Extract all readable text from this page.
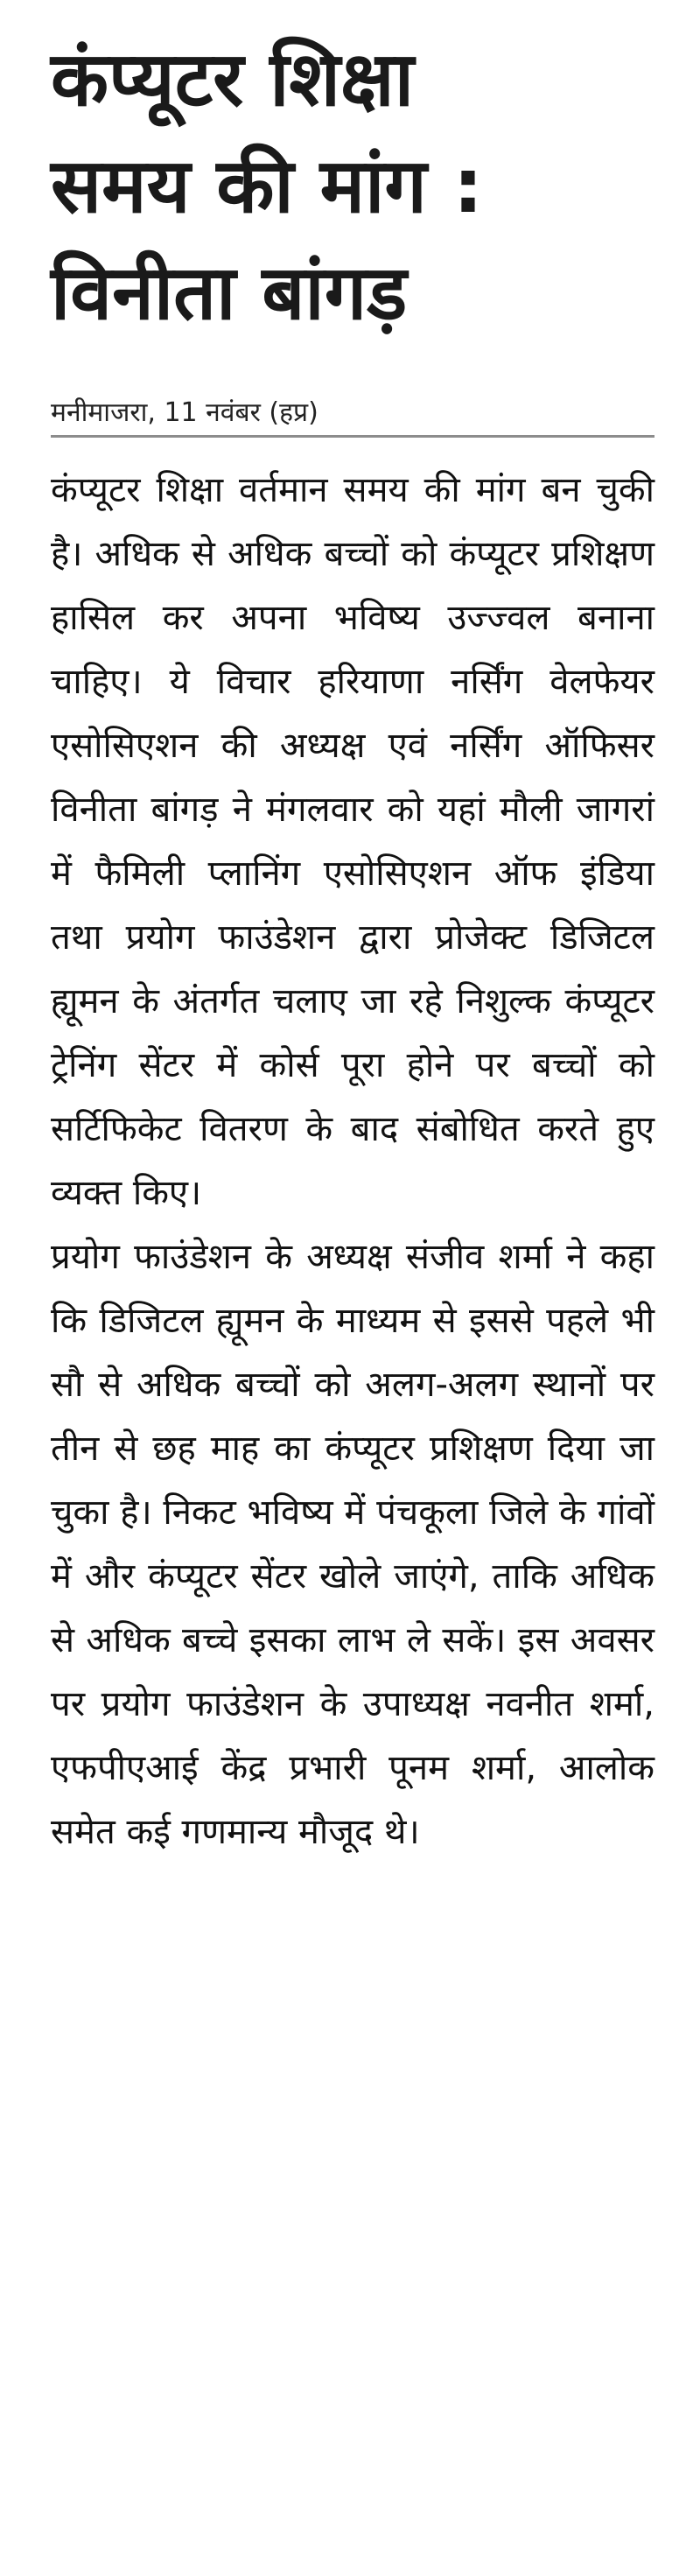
कंप्यूटर शिक्षा
समय की मांग :
विनीता बांगड़
मनीमाजरा, 11 नवंबर (हप्र)

कंप्यूटर शिक्षा वर्तमान समय की मांग बन चुकी है। अधिक से अधिक बच्चों को कंप्यूटर प्रशिक्षण हासिल कर अपना भविष्य उज्ज्वल बनाना चाहिए। ये विचार हरियाणा नर्सिंग वेलफेयर एसोसिएशन की अध्यक्ष एवं नर्सिंग ऑफिसर विनीता बांगड़ ने मंगलवार को यहां मौली जागरां में फैमिली प्लानिंग एसोसिएशन ऑफ इंडिया तथा प्रयोग फाउंडेशन द्वारा प्रोजेक्ट डिजिटल ह्यूमन के अंतर्गत चलाए जा रहे निशुल्क कंप्यूटर ट्रेनिंग सेंटर में कोर्स पूरा होने पर बच्चों को सर्टिफिकेट वितरण के बाद संबोधित करते हुए व्यक्त किए।

प्रयोग फाउंडेशन के अध्यक्ष संजीव शर्मा ने कहा कि डिजिटल ह्यूमन के माध्यम से इससे पहले भी सौ से अधिक बच्चों को अलग-अलग स्थानों पर तीन से छह माह का कंप्यूटर प्रशिक्षण दिया जा चुका है। निकट भविष्य में पंचकूला जिले के गांवों में और कंप्यूटर सेंटर खोले जाएंगे, ताकि अधिक से अधिक बच्चे इसका लाभ ले सकें। इस अवसर पर प्रयोग फाउंडेशन के उपाध्यक्ष नवनीत शर्मा, एफपीएआई केंद्र प्रभारी पूनम शर्मा, आलोक समेत कई गणमान्य मौजूद थे।
